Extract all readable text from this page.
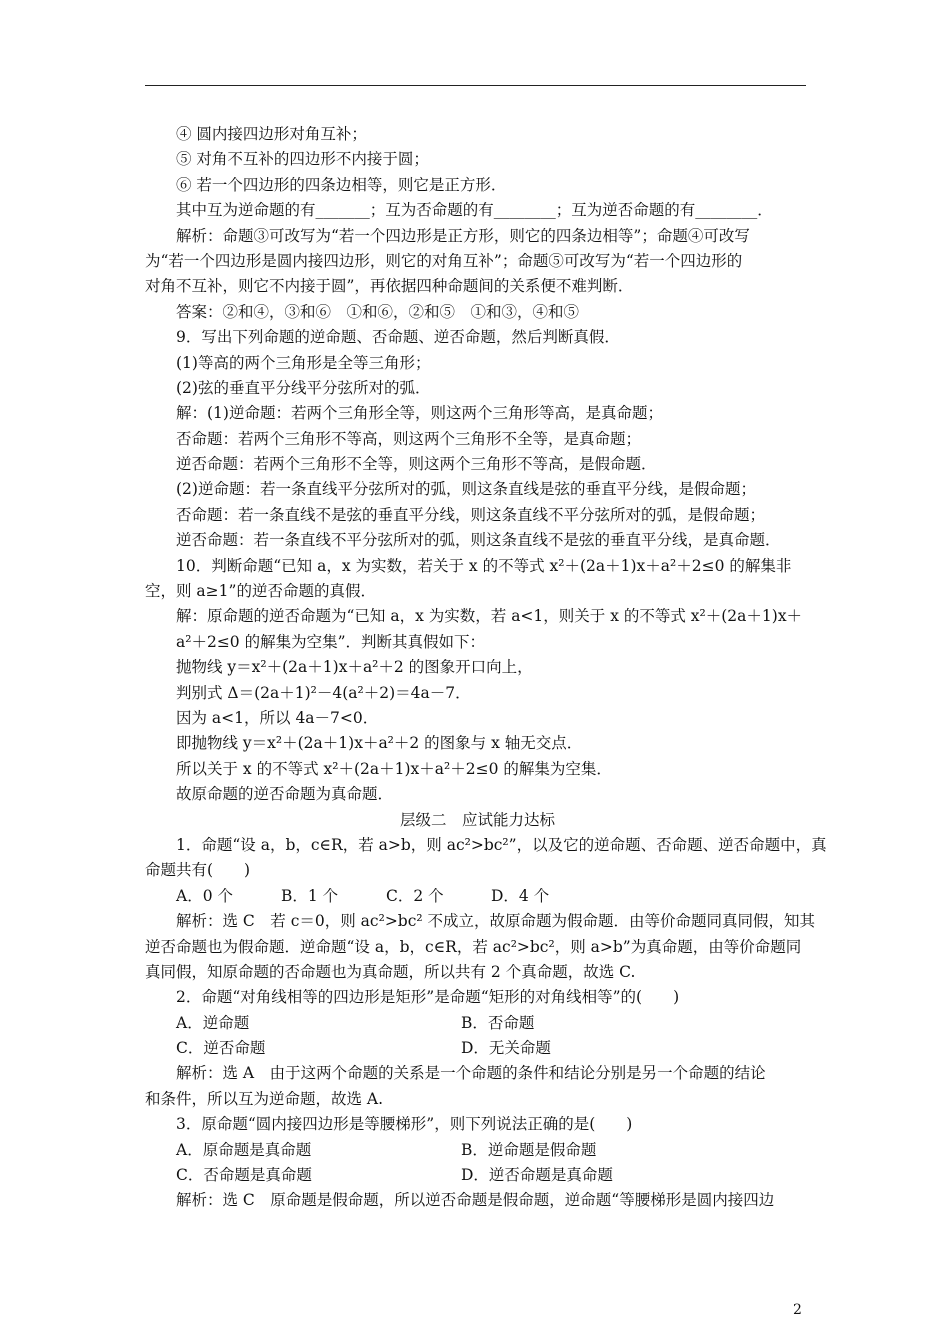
④ 圆内接四边形对角互补；
⑤ 对角不互补的四边形不内接于圆；
⑥ 若一个四边形的四条边相等，则它是正方形．
其中互为逆命题的有_______；互为否命题的有________；互为逆否命题的有________．
解析：命题③可改写为“若一个四边形是正方形，则它的四条边相等”；命题④可改写
为“若一个四边形是圆内接四边形，则它的对角互补”；命题⑤可改写为“若一个四边形的
对角不互补，则它不内接于圆”，再依据四种命题间的关系便不难判断．
答案：②和④，③和⑥　①和⑥，②和⑤　①和③，④和⑤
9．写出下列命题的逆命题、否命题、逆否命题，然后判断真假．
(1)等高的两个三角形是全等三角形；
(2)弦的垂直平分线平分弦所对的弧．
解：(1)逆命题：若两个三角形全等，则这两个三角形等高，是真命题；
否命题：若两个三角形不等高，则这两个三角形不全等，是真命题；
逆否命题：若两个三角形不全等，则这两个三角形不等高，是假命题．
(2)逆命题：若一条直线平分弦所对的弧，则这条直线是弦的垂直平分线，是假命题；
否命题：若一条直线不是弦的垂直平分线，则这条直线不平分弦所对的弧，是假命题；
逆否命题：若一条直线不平分弦所对的弧，则这条直线不是弦的垂直平分线，是真命题．
10．判断命题“已知 a，x 为实数，若关于 x 的不等式 x²＋(2a＋1)x＋a²＋2≤0 的解集非
空，则 a≥1”的逆否命题的真假．
解：原命题的逆否命题为“已知 a，x 为实数，若 a<1，则关于 x 的不等式 x²＋(2a＋1)x＋
a²＋2≤0 的解集为空集”．判断其真假如下：
抛物线 y＝x²＋(2a＋1)x＋a²＋2 的图象开口向上，
判别式 Δ＝(2a＋1)²－4(a²＋2)＝4a－7．
因为 a<1，所以 4a－7<0．
即抛物线 y＝x²＋(2a＋1)x＋a²＋2 的图象与 x 轴无交点．
所以关于 x 的不等式 x²＋(2a＋1)x＋a²＋2≤0 的解集为空集．
故原命题的逆否命题为真命题．
层级二　应试能力达标
1．命题“设 a，b，c∈R，若 a>b，则 ac²>bc²”，以及它的逆命题、否命题、逆否命题中，真
命题共有(　　)
A．0 个	B．1 个	C．2 个	D．4 个
解析：选 C　若 c＝0，则 ac²>bc² 不成立，故原命题为假命题．由等价命题同真同假，知其
逆否命题也为假命题．逆命题“设 a，b，c∈R，若 ac²>bc²，则 a>b”为真命题，由等价命题同
真同假，知原命题的否命题也为真命题，所以共有 2 个真命题，故选 C.
2．命题“对角线相等的四边形是矩形”是命题“矩形的对角线相等”的(　　)
A．逆命题	B．否命题
C．逆否命题	D．无关命题
解析：选 A　由于这两个命题的关系是一个命题的条件和结论分别是另一个命题的结论
和条件，所以互为逆命题，故选 A.
3．原命题“圆内接四边形是等腰梯形”，则下列说法正确的是(　　)
A．原命题是真命题	B．逆命题是假命题
C．否命题是真命题	D．逆否命题是真命题
解析：选 C　原命题是假命题，所以逆否命题是假命题，逆命题“等腰梯形是圆内接四边
2
